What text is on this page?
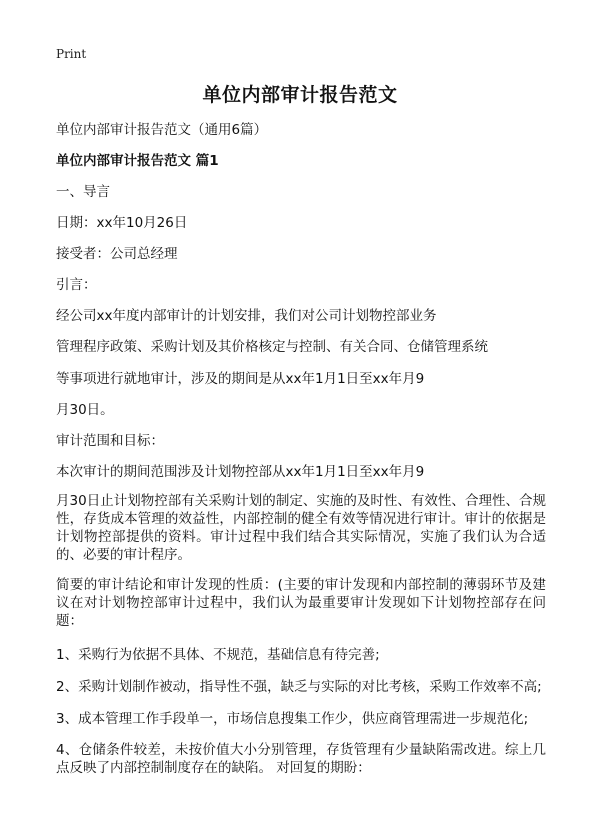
Print
单位内部审计报告范文
单位内部审计报告范文（通用6篇）
单位内部审计报告范文 篇1
一、导言
日期：xx年10月26日
接受者：公司总经理
引言：
经公司xx年度内部审计的计划安排，我们对公司计划物控部业务
管理程序政策、采购计划及其价格核定与控制、有关合同、仓储管理系统
等事项进行就地审计，涉及的期间是从xx年1月1日至xx年月9
月30日。
审计范围和目标：
本次审计的期间范围涉及计划物控部从xx年1月1日至xx年月9
月30日止计划物控部有关采购计划的制定、实施的及时性、有效性、合理性、合规性，存货成本管理的效益性，内部控制的健全有效等情况进行审计。审计的依据是计划物控部提供的资料。审计过程中我们结合其实际情况，实施了我们认为合适的、必要的审计程序。
简要的审计结论和审计发现的性质：(主要的审计发现和内部控制的薄弱环节及建议在对计划物控部审计过程中，我们认为最重要审计发现如下计划物控部存在问题：
1、采购行为依据不具体、不规范，基础信息有待完善;
2、采购计划制作被动，指导性不强，缺乏与实际的对比考核，采购工作效率不高;
3、成本管理工作手段单一，市场信息搜集工作少，供应商管理需进一步规范化;
4、仓储条件较差，未按价值大小分别管理，存货管理有少量缺陷需改进。综上几点反映了内部控制制度存在的缺陷。 对回复的期盼：
